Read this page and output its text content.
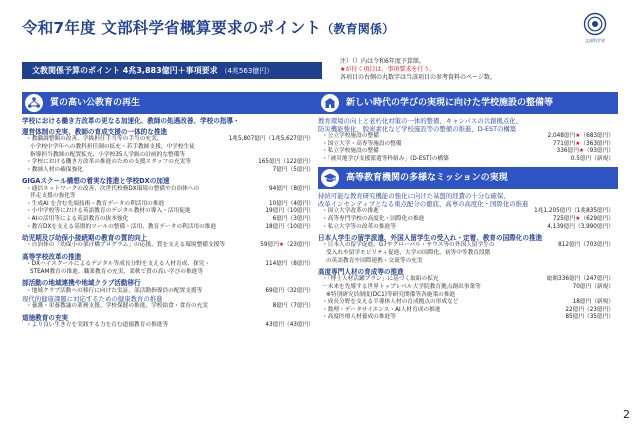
令和7年度 文部科学省概算要求のポイント（教育関係）
文部科学省
文教関係予算のポイント 4兆3,883億円＋事項要求 （4兆563億円）
注）（）内は令和6年度予算額。
★が付く項目は、事項要求を行う。
各項目の右側の丸数字は当該項目の参考資料のページ数。
質の高い公教育の再生
学校における働き方改革の更なる加速化、教師の処遇改善、学校の指導・
運営体制の充実、教師の育成支援の一体的な推進
・教職調整額の改善、学級担任手当等の手当の充実、	1兆5,807億円（1兆5,627億円）
小学校中学年への教科担任制の拡充・若手教師支援、中学校生徒
指導担当教師の配置拡充、小学校35人学級の計画的な整備等
・学校における働き方改革の推進のための支援スタッフの充実等	165億円（122億円）
・教師人材の確保強化	7億円（5億円）
GIGAスクール構想の着実な推進と学校DXの加速
・通信ネットワークの改善、次世代校務DX環境の整備や自治体への	94億円（8億円）
伴走支援の強化等
・生成AI を含む先端技術・教育データの利活用の推進	10億円（4億円）
・小中学校等における英語教育のデジタル教材の導入・活用促進	19億円（10億円）
・AIの活用等による英語教育の抜本強化	6億円（3億円）
・教育DXを支える基盤的ツールの整備・活用、教育データの利活用の推進	18億円（10億円）
幼児期及び幼保小接続期の教育の質的向上
・自治体の「幼保小の架け橋プログラム」の応援、質を支える環境整備支援等	59億円★（23億円）
高等学校改革の推進
・DXハイスクールによるデジタル等成長分野を支える人材育成、探究・	114億円（8億円）
STEAM教育の推進、職業教育の充実、柔軟で質の高い学びの推進等
部活動の地域連携や地域クラブ活動移行
・地域クラブ活動への移行に向けた実証、部活動指導員の配置支援等	69億円（32億円）
現代的健康課題に対応するための健康教育の推進
・養護・栄養教諭の業務支援、学校保健の推進、学校給食・食育の充実	8億円（7億円）
道徳教育の充実
・より良い生き方を実践する力を育む道徳教育の推進等	43億円（43億円）
新しい時代の学びの実現に向けた学校施設の整備等
教育環境の向上と老朽化対策の一体的整備、キャンパスの共創拠点化、
防災機能強化、脱炭素化など学校施設等の整備の推進、D-ESTの構築
・公立学校施設の整備	2,048億円★（683億円）
・国立大学・高専等施設の整備	771億円★（363億円）
・私立学校施設の整備	336億円★（93億円）
・「被災地学び支援派遣等枠組み」(D-EST)の構築	0.5億円（新規）
高等教育機関の多様なミッションの実現
持続可能な教育研究機能の強化に向けた基盤的経費の十分な確保、
改革インセンティブとなる重点配分の徹底、高専の高度化・国際化の推進
・国立大学改革の推進	1兆1,205億円（1兆835億円）
・高等専門学校の高度化・国際化の推進	725億円★（629億円）
・私立大学等の改革の推進等	4,139億円（3,990億円）
日本人学生の留学派遣、外国人留学生の受入れ・定着、教育の国際化の推進
・日本人の留学促進、G7やグローバル・サウス等の外国人留学生の	812億円（703億円）
受入れや留学モビリティ促進、大学の国際化、初等中等教育段階
の英語教育や国際連携・交流等の充実
高度専門人材の育成等の推進
・「博士人材活躍プラン」に基づく取組の拡充	総額336億円（247億円）
－未来を先導する世界トップレベル大学院教育拠点創出事業等	70億円（新規）
※特別研究員制度(DC1)等研究関係等各施策の推進
・成長分野を支える半導体人材の育成拠点の形成など	18億円（新規）
・数理・データサイエンス・AI人材育成の推進	22億円（23億円）
・高度医療人材養成の推進等	85億円（35億円）
2
